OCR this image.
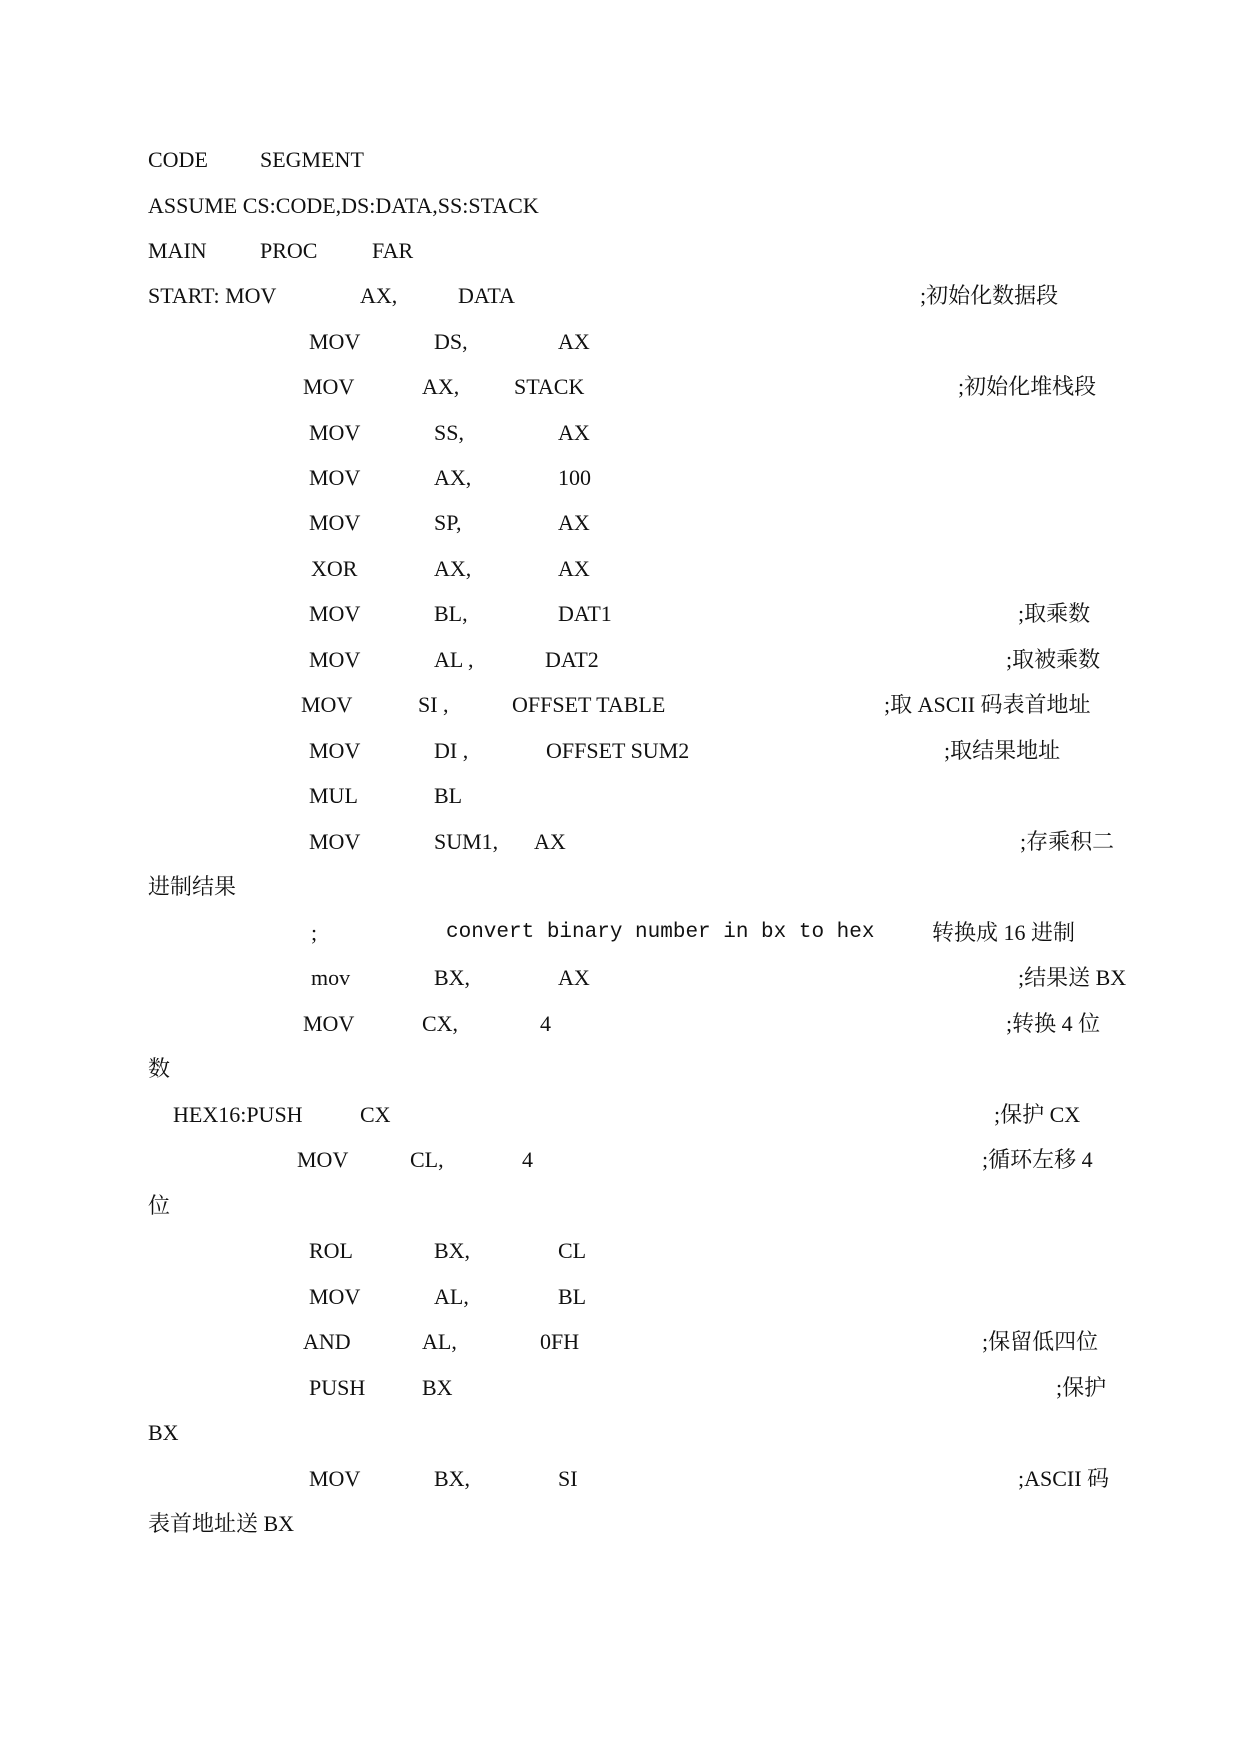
CODE SEGMENT
ASSUME CS:CODE,DS:DATA,SS:STACK
MAIN PROC FAR
START: MOV	AX,	DATA	;初始化数据段
MOV	DS,	AX
MOV	AX, STACK	;初始化堆栈段
MOV	SS,	AX
MOV	AX,	100
MOV	SP,	AX
XOR	AX,	AX
MOV	BL,	DAT1	;取乘数
MOV	AL ,	DAT2	;取被乘数
MOV	SI ,	OFFSET TABLE	;取 ASCII 码表首地址
MOV	DI ,	OFFSET SUM2	;取结果地址
MUL	BL
MOV	SUM1, AX	;存乘积二
进制结果
;	convert binary number in bx to hex	转换成 16 进制
mov	BX,	AX	;结果送 BX
MOV	CX,	4	;转换 4 位
数
HEX16:PUSH	CX	;保护 CX
MOV	CL,	4	;循环左移 4
位
ROL	BX,	CL
MOV	AL,	BL
AND	AL,	0FH	;保留低四位
PUSH	BX	;保护
BX
MOV	BX,	SI	;ASCII 码
表首地址送 BX
